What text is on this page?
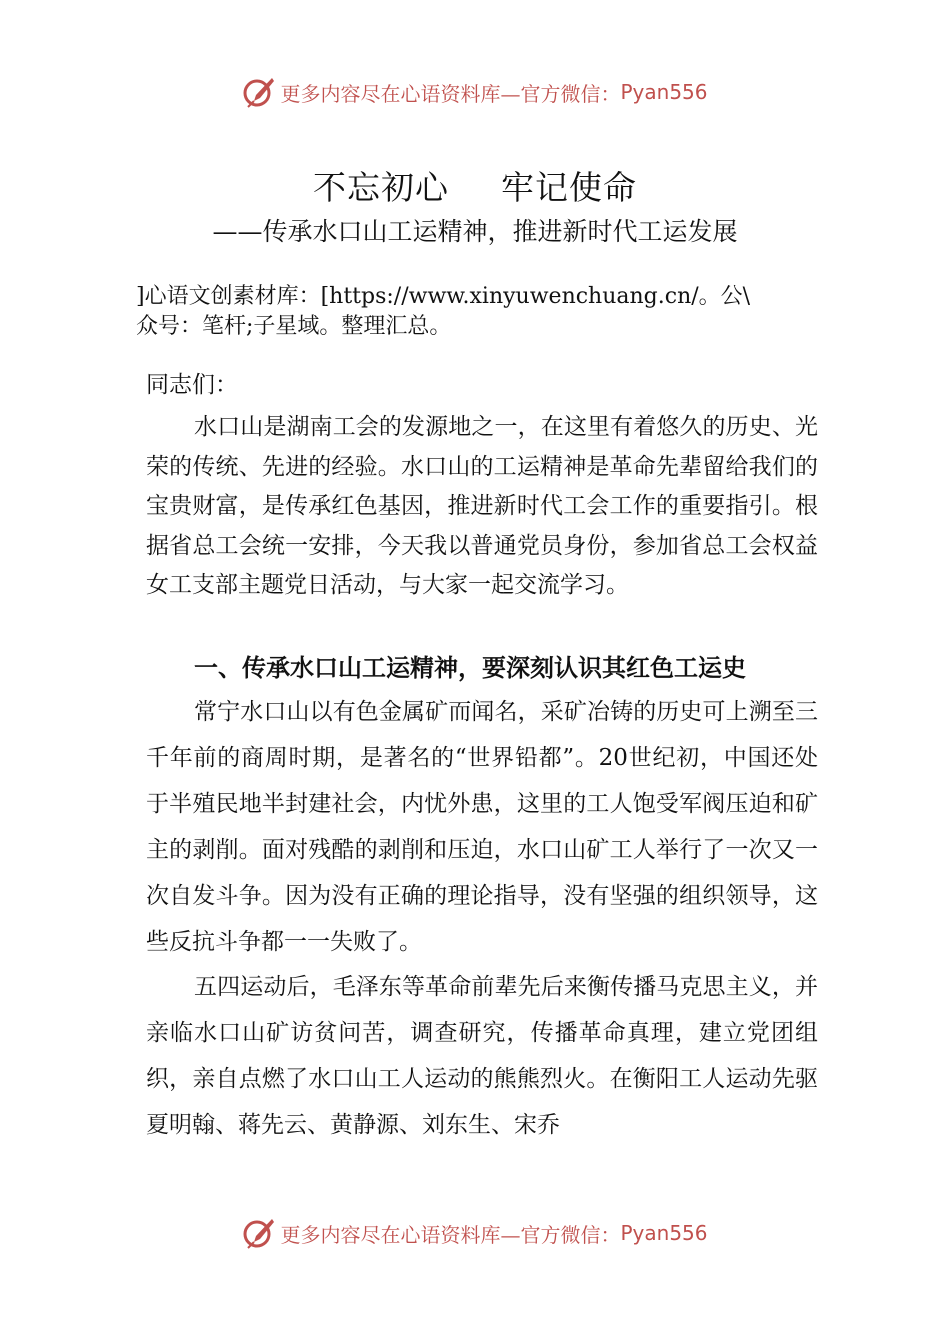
更多内容尽在心语资料库—官方微信： Pyan556
不忘初心 牢记使命
——传承水口山工运精神，推进新时代工运发展
]心语文创素材库：[https://www.xinyuwenchuang.cn/。公\
众号：笔杆;子星域。整理汇总。
同志们：
水口山是湖南工会的发源地之一，在这里有着悠久的历史、光荣的传统、先进的经验。水口山的工运精神是革命先辈留给我们的宝贵财富，是传承红色基因，推进新时代工会工作的重要指引。根据省总工会统一安排，今天我以普通党员身份，参加省总工会权益女工支部主题党日活动，与大家一起交流学习。
一、传承水口山工运精神，要深刻认识其红色工运史
常宁水口山以有色金属矿而闻名，采矿冶铸的历史可上溯至三千年前的商周时期，是著名的“世界铅都”。20世纪初，中国还处于半殖民地半封建社会，内忧外患，这里的工人饱受军阀压迫和矿主的剥削。面对残酷的剥削和压迫，水口山矿工人举行了一次又一次自发斗争。因为没有正确的理论指导，没有坚强的组织领导，这些反抗斗争都一一失败了。
五四运动后，毛泽东等革命前辈先后来衡传播马克思主义，并亲临水口山矿访贫问苦，调查研究，传播革命真理，建立党团组织，亲自点燃了水口山工人运动的熊熊烈火。在衡阳工人运动先驱夏明翰、蒋先云、黄静源、刘东生、宋乔
更多内容尽在心语资料库—官方微信： Pyan556
